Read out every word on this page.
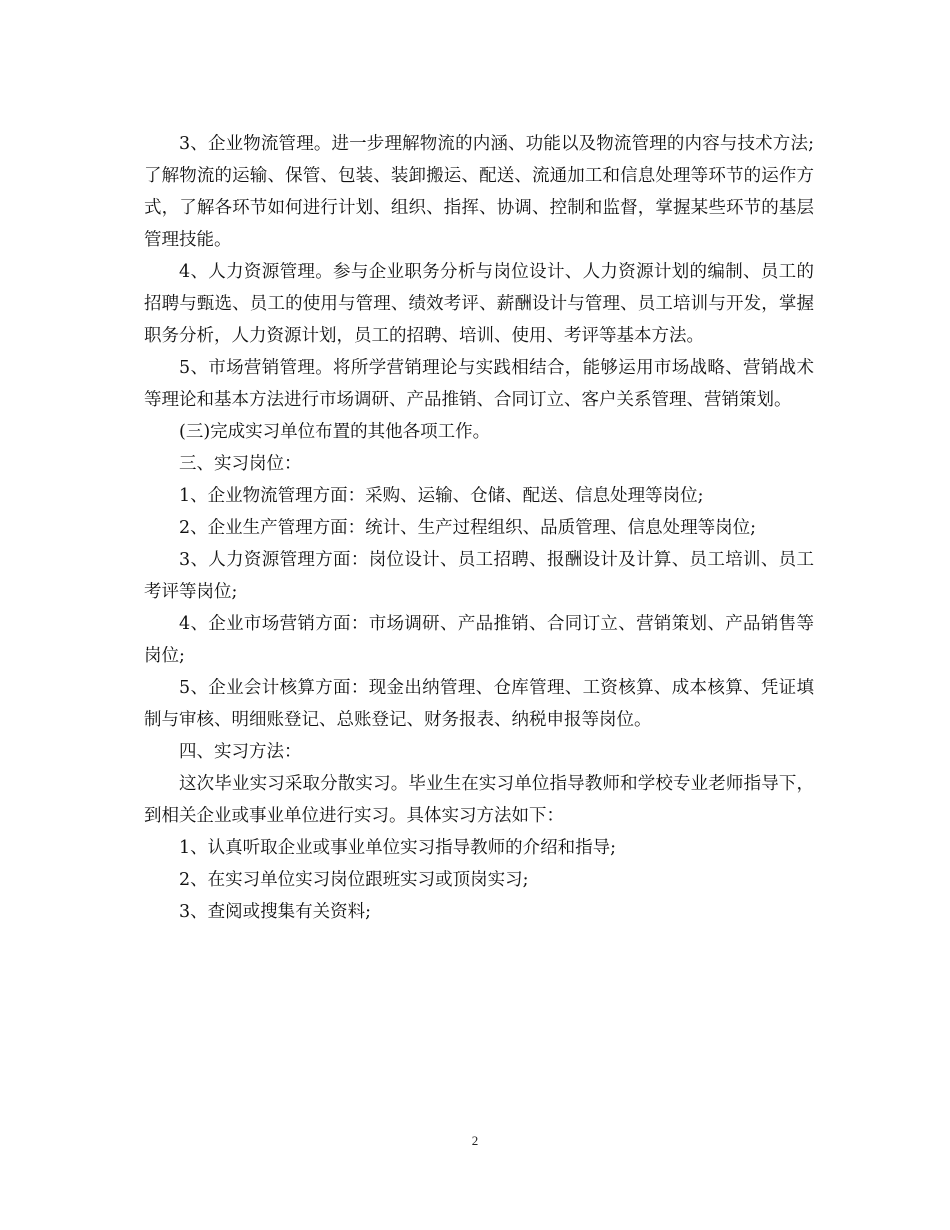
3、企业物流管理。进一步理解物流的内涵、功能以及物流管理的内容与技术方法;了解物流的运输、保管、包装、装卸搬运、配送、流通加工和信息处理等环节的运作方式，了解各环节如何进行计划、组织、指挥、协调、控制和监督，掌握某些环节的基层管理技能。

4、人力资源管理。参与企业职务分析与岗位设计、人力资源计划的编制、员工的招聘与甄选、员工的使用与管理、绩效考评、薪酬设计与管理、员工培训与开发，掌握职务分析，人力资源计划，员工的招聘、培训、使用、考评等基本方法。

5、市场营销管理。将所学营销理论与实践相结合，能够运用市场战略、营销战术等理论和基本方法进行市场调研、产品推销、合同订立、客户关系管理、营销策划。

(三)完成实习单位布置的其他各项工作。

三、实习岗位：

1、企业物流管理方面：采购、运输、仓储、配送、信息处理等岗位;

2、企业生产管理方面：统计、生产过程组织、品质管理、信息处理等岗位;

3、人力资源管理方面：岗位设计、员工招聘、报酬设计及计算、员工培训、员工考评等岗位;

4、企业市场营销方面：市场调研、产品推销、合同订立、营销策划、产品销售等岗位;

5、企业会计核算方面：现金出纳管理、仓库管理、工资核算、成本核算、凭证填制与审核、明细账登记、总账登记、财务报表、纳税申报等岗位。

四、实习方法：

这次毕业实习采取分散实习。毕业生在实习单位指导教师和学校专业老师指导下，到相关企业或事业单位进行实习。具体实习方法如下：

1、认真听取企业或事业单位实习指导教师的介绍和指导;

2、在实习单位实习岗位跟班实习或顶岗实习;

3、查阅或搜集有关资料;

2
